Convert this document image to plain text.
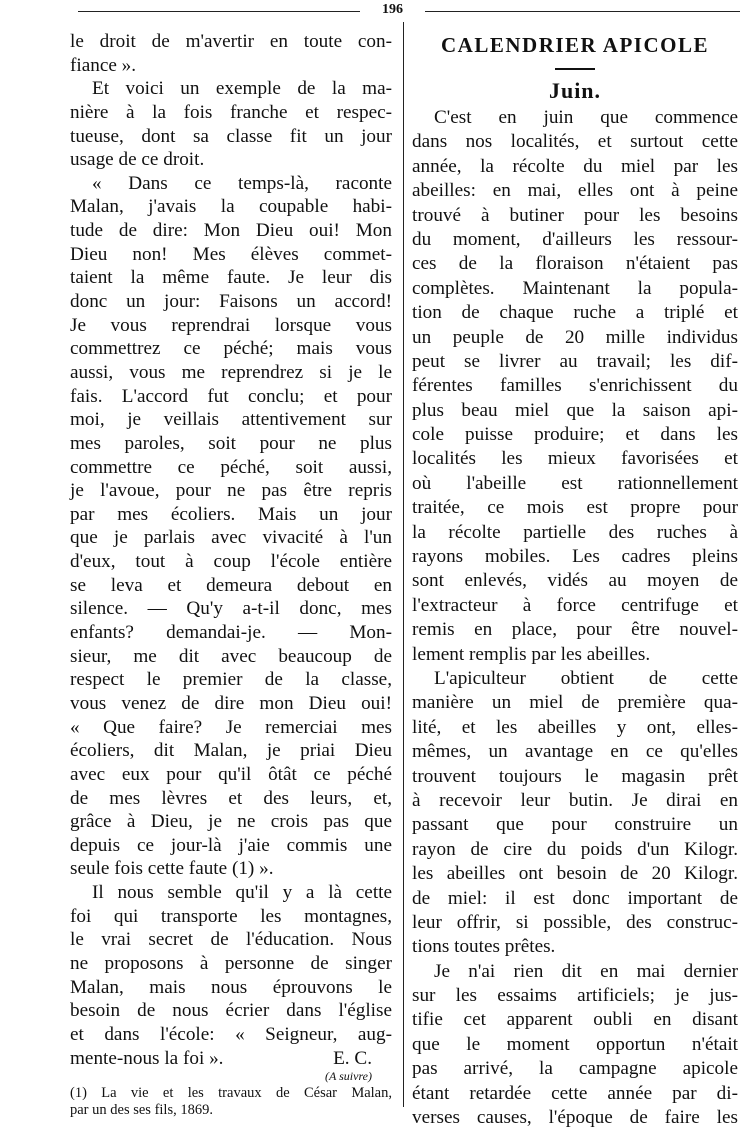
196
le droit de m'avertir en toute con-
fiance ».
Et voici un exemple de la ma-
nière à la fois franche et respec-
tueuse, dont sa classe fit un jour
usage de ce droit.
« Dans ce temps-là, raconte
Malan, j'avais la coupable habi-
tude de dire: Mon Dieu oui! Mon
Dieu non! Mes élèves commet-
taient la même faute. Je leur dis
donc un jour: Faisons un accord!
Je vous reprendrai lorsque vous
commettrez ce péché; mais vous
aussi, vous me reprendrez si je le
fais. L'accord fut conclu; et pour
moi, je veillais attentivement sur
mes paroles, soit pour ne plus
commettre ce péché, soit aussi,
je l'avoue, pour ne pas être repris
par mes écoliers. Mais un jour
que je parlais avec vivacité à l'un
d'eux, tout à coup l'école entière
se leva et demeura debout en
silence. — Qu'y a-t-il donc, mes
enfants? demandai-je. — Mon-
sieur, me dit avec beaucoup de
respect le premier de la classe,
vous venez de dire mon Dieu oui!
« Que faire? Je remerciai mes
écoliers, dit Malan, je priai Dieu
avec eux pour qu'il ôtât ce péché
de mes lèvres et des leurs, et,
grâce à Dieu, je ne crois pas que
depuis ce jour-là j'aie commis une
seule fois cette faute (1) ».
Il nous semble qu'il y a là cette
foi qui transporte les montagnes,
le vrai secret de l'éducation. Nous
ne proposons à personne de singer
Malan, mais nous éprouvons le
besoin de nous écrier dans l'église
et dans l'école: « Seigneur, aug-
mente-nous la foi ».	E. C.
(A suivre)
(1) La vie et les travaux de César Malan,
par un des ses fils, 1869.
CALENDRIER APICOLE
Juin.
C'est en juin que commence
dans nos localités, et surtout cette
année, la récolte du miel par les
abeilles: en mai, elles ont à peine
trouvé à butiner pour les besoins
du moment, d'ailleurs les ressour-
ces de la floraison n'étaient pas
complètes. Maintenant la popula-
tion de chaque ruche a triplé et
un peuple de 20 mille individus
peut se livrer au travail; les dif-
férentes familles s'enrichissent du
plus beau miel que la saison api-
cole puisse produire; et dans les
localités les mieux favorisées et
où l'abeille est rationnellement
traitée, ce mois est propre pour
la récolte partielle des ruches à
rayons mobiles. Les cadres pleins
sont enlevés, vidés au moyen de
l'extracteur à force centrifuge et
remis en place, pour être nouvel-
lement remplis par les abeilles.
L'apiculteur obtient de cette
manière un miel de première qua-
lité, et les abeilles y ont, elles-
mêmes, un avantage en ce qu'elles
trouvent toujours le magasin prêt
à recevoir leur butin. Je dirai en
passant que pour construire un
rayon de cire du poids d'un Kilogr.
les abeilles ont besoin de 20 Kilogr.
de miel: il est donc important de
leur offrir, si possible, des construc-
tions toutes prêtes.
Je n'ai rien dit en mai dernier
sur les essaims artificiels; je jus-
tifie cet apparent oubli en disant
que le moment opportun n'était
pas arrivé, la campagne apicole
étant retardée cette année par di-
verses causes, l'époque de faire les
